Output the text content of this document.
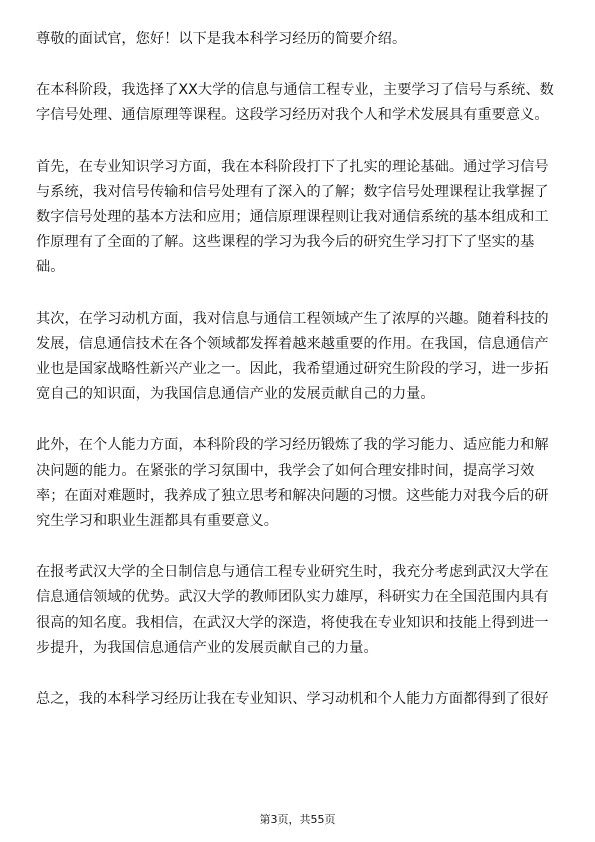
尊敬的面试官，您好！以下是我本科学习经历的简要介绍。

在本科阶段，我选择了XX大学的信息与通信工程专业，主要学习了信号与系统、数
字信号处理、通信原理等课程。这段学习经历对我个人和学术发展具有重要意义。

首先，在专业知识学习方面，我在本科阶段打下了扎实的理论基础。通过学习信号
与系统，我对信号传输和信号处理有了深入的了解；数字信号处理课程让我掌握了
数字信号处理的基本方法和应用；通信原理课程则让我对通信系统的基本组成和工
作原理有了全面的了解。这些课程的学习为我今后的研究生学习打下了坚实的基
础。

其次，在学习动机方面，我对信息与通信工程领域产生了浓厚的兴趣。随着科技的
发展，信息通信技术在各个领域都发挥着越来越重要的作用。在我国，信息通信产
业也是国家战略性新兴产业之一。因此，我希望通过研究生阶段的学习，进一步拓
宽自己的知识面，为我国信息通信产业的发展贡献自己的力量。

此外，在个人能力方面，本科阶段的学习经历锻炼了我的学习能力、适应能力和解
决问题的能力。在紧张的学习氛围中，我学会了如何合理安排时间，提高学习效
率；在面对难题时，我养成了独立思考和解决问题的习惯。这些能力对我今后的研
究生学习和职业生涯都具有重要意义。

在报考武汉大学的全日制信息与通信工程专业研究生时，我充分考虑到武汉大学在
信息通信领域的优势。武汉大学的教师团队实力雄厚，科研实力在全国范围内具有
很高的知名度。我相信，在武汉大学的深造，将使我在专业知识和技能上得到进一
步提升，为我国信息通信产业的发展贡献自己的力量。

总之，我的本科学习经历让我在专业知识、学习动机和个人能力方面都得到了很好

第3页，共55页
